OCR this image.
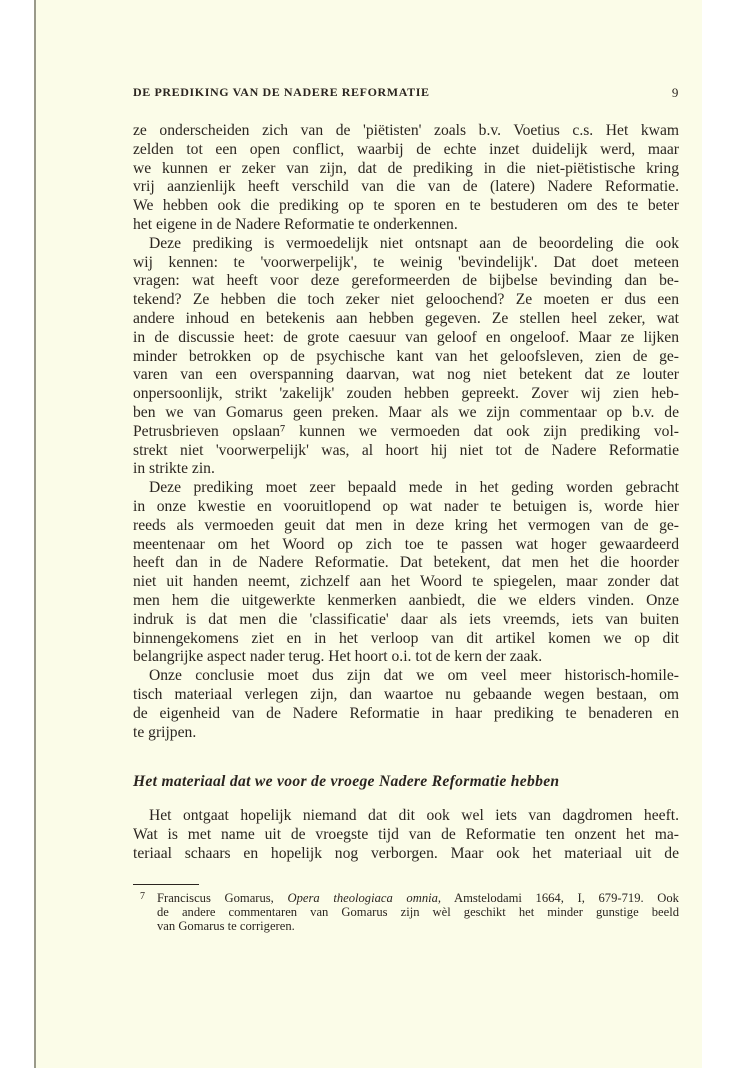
DE PREDIKING VAN DE NADERE REFORMATIE	9
ze onderscheiden zich van de 'piëtisten' zoals b.v. Voetius c.s. Het kwam
zelden tot een open conflict, waarbij de echte inzet duidelijk werd, maar
we kunnen er zeker van zijn, dat de prediking in die niet-piëtistische kring
vrij aanzienlijk heeft verschild van die van de (latere) Nadere Reformatie.
We hebben ook die prediking op te sporen en te bestuderen om des te beter
het eigene in de Nadere Reformatie te onderkennen.
Deze prediking is vermoedelijk niet ontsnapt aan de beoordeling die ook
wij kennen: te 'voorwerpelijk', te weinig 'bevindelijk'. Dat doet meteen
vragen: wat heeft voor deze gereformeerden de bijbelse bevinding dan be-
tekend? Ze hebben die toch zeker niet geloochend? Ze moeten er dus een
andere inhoud en betekenis aan hebben gegeven. Ze stellen heel zeker, wat
in de discussie heet: de grote caesuur van geloof en ongeloof. Maar ze lijken
minder betrokken op de psychische kant van het geloofsleven, zien de ge-
varen van een overspanning daarvan, wat nog niet betekent dat ze louter
onpersoonlijk, strikt 'zakelijk' zouden hebben gepreekt. Zover wij zien heb-
ben we van Gomarus geen preken. Maar als we zijn commentaar op b.v. de
Petrusbrieven opslaan⁷ kunnen we vermoeden dat ook zijn prediking vol-
strekt niet 'voorwerpelijk' was, al hoort hij niet tot de Nadere Reformatie
in strikte zin.
Deze prediking moet zeer bepaald mede in het geding worden gebracht
in onze kwestie en vooruitlopend op wat nader te betuigen is, worde hier
reeds als vermoeden geuit dat men in deze kring het vermogen van de ge-
meentenaar om het Woord op zich toe te passen wat hoger gewaardeerd
heeft dan in de Nadere Reformatie. Dat betekent, dat men het die hoorder
niet uit handen neemt, zichzelf aan het Woord te spiegelen, maar zonder dat
men hem die uitgewerkte kenmerken aanbiedt, die we elders vinden. Onze
indruk is dat men die 'classificatie' daar als iets vreemds, iets van buiten
binnengekomens ziet en in het verloop van dit artikel komen we op dit
belangrijke aspect nader terug. Het hoort o.i. tot de kern der zaak.
Onze conclusie moet dus zijn dat we om veel meer historisch-homile-
tisch materiaal verlegen zijn, dan waartoe nu gebaande wegen bestaan, om
de eigenheid van de Nadere Reformatie in haar prediking te benaderen en
te grijpen.
Het materiaal dat we voor de vroege Nadere Reformatie hebben
Het ontgaat hopelijk niemand dat dit ook wel iets van dagdromen heeft.
Wat is met name uit de vroegste tijd van de Reformatie ten onzent het ma-
teriaal schaars en hopelijk nog verborgen. Maar ook het materiaal uit de
7 Franciscus Gomarus, Opera theologiaca omnia, Amstelodami 1664, I, 679-719. Ook
de andere commentaren van Gomarus zijn wèl geschikt het minder gunstige beeld
van Gomarus te corrigeren.
